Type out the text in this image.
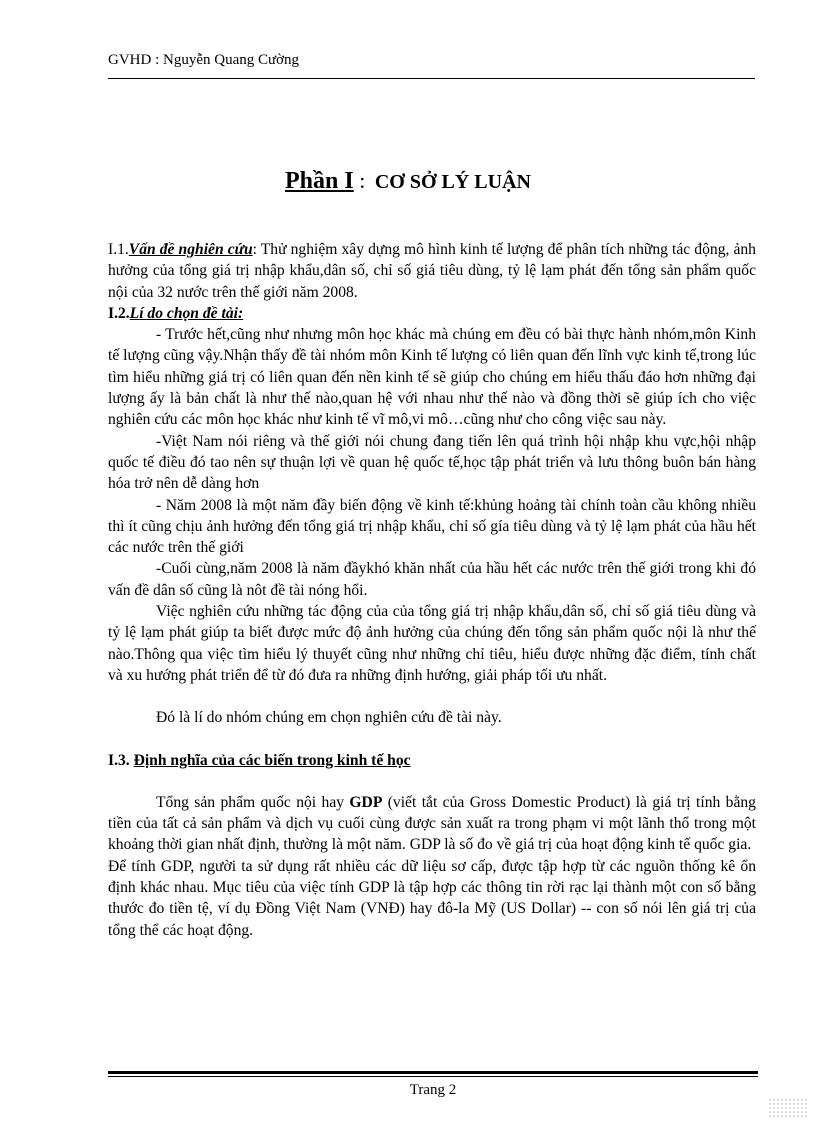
GVHD : Nguyễn Quang Cường
Phần I : CƠ SỞ LÝ LUẬN

I.1.Vấn đề nghiên cứu: Thử nghiệm xây dựng mô hình kinh tế lượng để phân tích những tác động, ảnh hưởng của tổng giá trị nhập khẩu,dân số, chỉ số giá tiêu dùng, tỷ lệ lạm phát đến tổng sản phẩm quốc nội của 32 nước trên thế giới năm 2008.

I.2.Lí do chọn đề tài:

- Trước hết,cũng như nhưng môn học khác mà chúng em đều có bài thực hành nhóm,môn Kinh tế lượng cũng vậy.Nhận thấy đề tài nhóm môn Kinh tế lượng có liên quan đến lĩnh vực kinh tế,trong lúc tìm hiểu những giá trị có liên quan đến nền kinh tế sẽ giúp cho chúng em hiểu thấu đáo hơn những đại lượng ấy là bản chất là như thế nào,quan hệ với nhau như thế nào và đồng thời sẽ giúp ích cho việc nghiên cứu các môn học khác như kinh tế vĩ mô,vi mô…cũng như cho công việc sau này.

-Việt Nam nói riêng và thế giới nói chung đang tiến lên quá trình hội nhập khu vực,hội nhập quốc tế điều đó tao nên sự thuận lợi về quan hệ quốc tế,học tập phát triển và lưu thông buôn bán hàng hóa trở nên dễ dàng hơn

- Năm 2008 là một năm đầy biến động về kinh tế:khủng hoảng tài chính toàn cầu không nhiều thì ít cũng chịu ảnh hưởng đến tổng giá trị nhập khẩu, chỉ số gía tiêu dùng và tỷ lệ lạm phát của hầu hết các nước trên thế giới

-Cuối cùng,năm 2008 là năm đầykhó khăn nhất của hầu hết các nước trên thế giới trong khi đó vấn đề dân số cũng là nôt đề tài nóng hổi.

Việc nghiên cứu những tác động của của tổng giá trị nhập khẩu,dân số, chỉ số giá tiêu dùng và tỷ lệ lạm phát giúp ta biết được mức độ ảnh hưởng của chúng đến tổng sản phẩm quốc nội là như thế nào.Thông qua việc tìm hiểu lý thuyết cũng như những chỉ tiêu, hiểu được những đặc điểm, tính chất và xu hướng phát triển để từ đó đưa ra những định hướng, giải pháp tối ưu nhất.

Đó là lí do nhóm chúng em chọn nghiên cứu đề tài này.

I.3. Định nghĩa của các biến trong kinh tế học

Tổng sản phẩm quốc nội hay GDP (viết tắt của Gross Domestic Product) là giá trị tính bằng tiền của tất cả sản phẩm và dịch vụ cuối cùng được sản xuất ra trong phạm vi một lãnh thổ trong một khoảng thời gian nhất định, thường là một năm. GDP là số đo về giá trị của hoạt động kinh tế quốc gia.

Để tính GDP, người ta sử dụng rất nhiều các dữ liệu sơ cấp, được tập hợp từ các nguồn thống kê ổn định khác nhau. Mục tiêu của việc tính GDP là tập hợp các thông tin rời rạc lại thành một con số bằng thước đo tiền tệ, ví dụ Đồng Việt Nam (VNĐ) hay đô-la Mỹ (US Dollar) -- con số nói lên giá trị của tổng thể các hoạt động.

Trang 2
